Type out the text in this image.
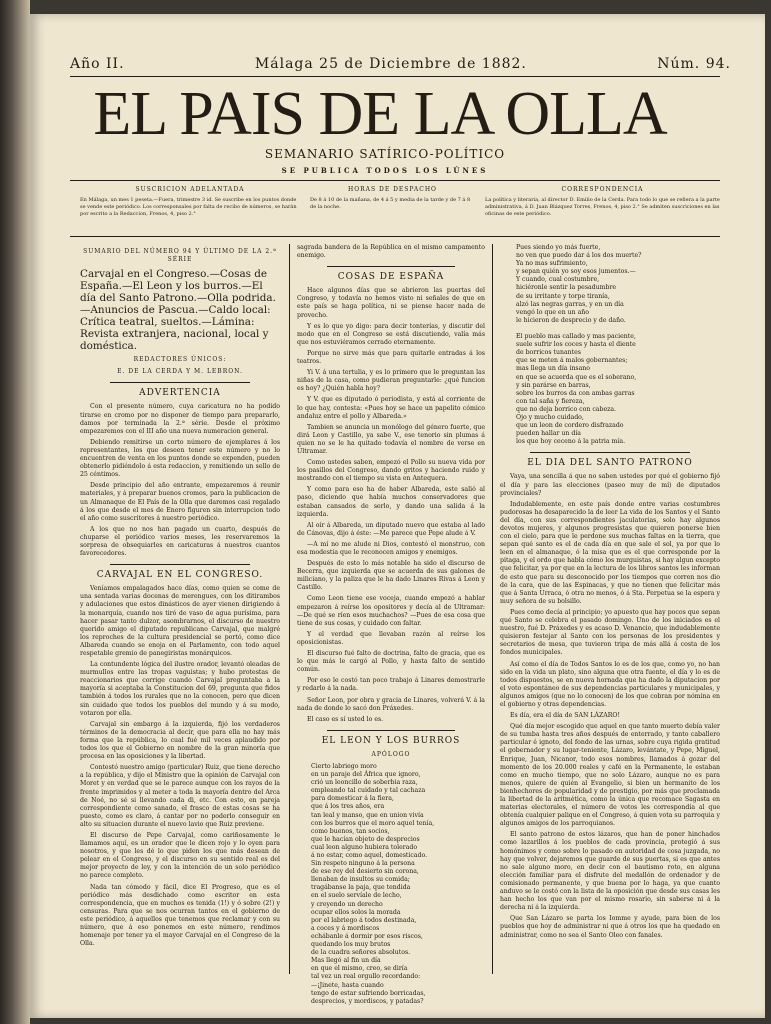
Año II.	Málaga 25 de Diciembre de 1882.	Núm. 94.
EL PAIS DE LA OLLA
SEMANARIO SATÍRICO-POLÍTICO
SE PUBLICA TODOS LOS LÚNES
SUSCRICION ADELANTADA
En Málaga, un mes 1 peseta.—Fuera, trimestre 3 id. Se suscribe en los puntos donde se vende este periódico. Los corresponsales por falta de recibo de números, se harán por escrito a la Redaccion, Frenos, 4, piso 2.°
HORAS DE DESPACHO
De 8 á 10 de la mañana, de 4 á 5 y media de la tarde y de 7 á 8 de la noche.
CORRESPONDENCIA
La política y literaria, al director D. Emilio de la Cerda. Para todo lo que se refiera a la parte administrativa, á D. Juan Blázquez Torres, Frenos, 4, piso 2.° Se admiten suscriciones en las oficinas de este periódico.
SUMARIO DEL NÚMERO 94 Y ÚLTIMO DE LA 2.ª SÉRIE

Carvajal en el Congreso.—Cosas de España.—El Leon y los burros.—El día del Santo Patrono.—Olla podrida.—Anuncios de Pascua.—Caldo local: Crítica teatral, sueltos.—Lámina: Revista extranjera, nacional, local y doméstica.

REDACTORES ÚNICOS:
E. DE LA CERDA Y M. LEBRON.
ADVERTENCIA

Con el presente número, cuya caricatura no ha podido tirarse en cromo por no disponer de tiempo para prepararlo, damos por terminada la 2.ª série. Desde el próximo empezaremos con el III año una nueva numeracion general.

Debiendo remitirse un corto número de ejemplares á los representantes, los que deseen tener este número y no lo encuentren de venta en los puntos donde se expenden, pueden obtenerlo pidiéndolo á esta redaccion, y remitiendo un sello de 25 céntimos.

Desde principio del año entrante, empezaremos á reunir materiales, y á preparar buenos cromos, para la publicacion de un Almanaque de El País de la Olla que daremos casi regalado á los que desde el mes de Enero figuren sin interrupcion todo el año como suscritores á nuestro periódico.

A los que no nos han pagado un cuarto, después de chuparse el periódico varios meses, les reservaremos la sorpresa de obsequiarles en caricaturas á nuestros cuantos favorecedores.

CARVAJAL EN EL CONGRESO.

Veníamos empalagados hace días, como quien se come de una sentada varias docenas de merengues, con los ditirambos y adulaciones que estos dinásticos de ayer vienen dirigiendo á la monarquía, cuando nos tiró de vaso de agua purísima, para hacer pasar tanto dulzor, asombrarnos, el discurso de nuestro querido amigo el diputado republicano Carvajal, que malgré los reproches de la cultura presidencial se portó, como dice Albareda cuando se enoja en el Parlamento, con todo aquel respetable gremio de panegiristas monárquicos.

La contundente lógica del ilustre orador, levantó oleadas de murmullos entre las tropas vaguistas; y hubo protestas de reaccionarios que corrige cuando Carvajal preguntaba a la mayoría si aceptaba la Constitucion del 69, pregunta que fidos también á todos los rurales que no la conocen, pero que dicen sin cuidado que todos los pueblos del mundo y á su modo, votaron por ella.

Carvajal sin embargo á la izquierda, fijó los verdaderos términos de la democracia al decir, que para ella no hay más forma que la república, lo cual fué mil veces aplaudido por todos los que el Gobierno en nombre de la gran minoría que procesa en las oposiciones y la libertad.

Contestó nuestro amigo (particular) Ruiz, que tiene derecho a la república, y dijo el Ministro que la opinión de Carvajal con Moret y en verdad que se le parece aunque con los rayos de la frente imprimidos y al meter a toda la mayoría dentro del Arca de Noé, no sé si llevando cada di, etc. Con esto, en pareja correspondiente como sanado, el frasco de estas cosas se ha puesto, como es claro, á cantar por no poderlo conseguir en alto su situacion durante el nuevo lavio que Ruiz previene.

El discurso de Pepe Carvajal, como cariñosamente le llamamos aquí, es un orador que le dicen rojo y lo oyen para nosotros, y que les dé lo que piden los que más desean de pelear en el Congreso, y el discurso en su sentido real es del mejor proyecto de ley, y con la intención de un solo periódico no parece completo.

Nada tan cómodo y fácil, dice El Progreso, que es el periódico más desdichado como escritor en esta correspondencia, que en muchos es tenida (1!) y ó sobre (2!) y censuras. Para que se nos ocurran tantos en el gobierno de este periódico, á aquellos que tenemos que reclamar y con su número, que á eso ponemos en este número, rendimos homenaje por tener ya el mayor Carvajal en el Congreso de la Olla.

sagrada bandera de la República en el mismo campamento enemigo.

COSAS DE ESPAÑA

Hace algunos días que se abrieron las puertas del Congreso, y todavía no hemos visto ni señales de que en este país se haga política, ni se piense hacer nada de provecho.

Y es lo que yo digo: para decir tonterías, y discutir del modo que en el Congreso se está discutiendo, valía más que nos estuviéramos cerrado eternamente.

Porque no sirve más que para quitarle entradas á los teatros.

Yi V. á una tertulia, y es lo primero que le preguntan las niñas de la casa, como pudieran preguntarle: ¿qué funcion es hoy? ¿Quién habla hoy?

Y V. que es diputado ó periodista, y está al corriente de lo que hay, contesta: «Pues hoy se hace un papelito cómico andaluz entre el pollo y Albareda.»

Tambien se anuncia un monólogo del género fuerte, que dirá Leon y Castillo, ya sabe V., ese tenorio sin plumas á quien no se le ha quitado todavía el nombre de verse en Ultramar.

Como ustedes saben, empezó el Pollo su nueva vida por los pasillos del Congreso, dando gritos y haciendo ruido y mostrando con el tiempo su vista en Antequera.

Y como para eso ha de haber Albareda, este salió al paso, diciendo que había muchos conservadores que estaban cansados de serlo, y dando una salida á la izquierda.

Al oír á Albareda, un diputado nuevo que estaba al lado de Cánovas, dijo á éste: —Me parece que Pepe alude á V.

—A mí no me alude ni Dios, contestó el monstruo, con esa modestia que le reconocen amigos y enemigos.

Después de esto lo más notable ha sido el discurso de Becerra, que izquierda que se acuerda de sus galones de miliciano, y la paliza que le ha dado Linares Rivas á Leon y Castillo.

Como Leon tiene ese voceja, cuando empezó a hablar empezaron á reírse los opositores y decía al de Ultramar: —De qué se ríen esos muchachos? —Pues de esa cosa que tiene de sus cosas, y cuidado con faltar.

Y el verdad que llevaban razón al reírse los oposicionistas.

El discurso fué falto de doctrina, falto de gracia, que es lo que más le cargó al Pollo, y hasta falto de sentido común.

Por eso le costó tan poco trabajo á Linares demostrarle y redarlo á la nada.

Señor Leon, por obra y gracia de Linares, volverá V. á la nada de donde lo sacó don Práxedes.

El caso es sí usted lo es.

EL LEON Y LOS BURROS
APÓLOGO

Cierto labriego moro
en un paraje del África que ignoro,
crió un leoncillo de soberbia raza,
empleando tal cuidado y tal cachaza
para domesticar á la fiera,
que á los tres años, era
tan leal y manso, que en union vivía
con los burros que el moro aquel tenía,
como buenos, tan socios,
que le hacían objeto de desprecios
cual leon alguno hubiera tolerado
á no estar, como aquel, domesticado.
Sin respeto ninguno á la persona
de ese rey del desierto sin corona,
llenaban de insultos su comida;
tragábanse la paja, que tendida
en el suelo servíale de lecho,
y creyendo un derecho
ocupar ellos solos la morada
por el labriego á todos destinada,
a coces y á mordiscos
echábanle á dormir por esos riscos,
quedando los muy brutos
de la cuadra señores absolutos.
Mas llegó al fin un día
en que el mismo, creo, se diría
tal vez un real orgullo recordando:
—¡Jinete, hasta cuando
tengo de estar sufriendo borricadas,
desprecios, y mordiscos, y patadas?

Pues siendo yo más fuerte,
no ven que puedo dar á los dos muerte?
Ya no mas sufrimiento,
y sepan quién yo soy esos jumentos.—
Y cuando, cual costumbre,
hiciéronle sentir la pesadumbre
de su irritante y torpe tiranía,
alzó las negras garras, y en un día
vengó lo que en un año
le hicieron de desprecio y de daño.

El pueblo mas callado y mas paciente,
suele sufrir los coces y hasta el diente
de borricos tunantes
que se meten á malos gobernantes;
mas llega un día insano
en que se acuerda que es el soberano,
y sin parárse en barras,
sobre los burros da con ambas garras
con tal saña y fiereza,
que no deja borrico con cabeza.
Ojo y mucho cuidado,
que un leon de cordero disfrazado
pueden hallar un día
los que hoy ceceno á la patria mía.

EL DIA DEL SANTO PATRONO

Vaya, una sencilla á que no saben ustedes por qué el gobierno fijó el día y para las elecciones (paseo muy de mí) de diputados provinciales?

Indudablemente, en este país donde entre varias costumbres pudorosas ha desaparecido la de leer La vida de los Santos y el Santo del día, con sus correspondientes jaculatorias, solo hay algunos devotos mujeres, y algunos progresistas que quieren ponerse bien con el cielo, para que le perdone sus muchas faltas en la tierra, que sepan qué santo es el de cada día en que sale el sol, ya por que lo leen en el almanaque, ó la misa que es el que corresponde por la pitaga, y el ordo que habla cómo los murguistas, si hay algun excepto que felicitar, ya por que en la lectura de los libros santos les informan de esto que para su desconocido por los tiempos que corren nos dio de la cara, que de las Espinacas, y que no tienen que felicitar más que á Santa Urraca, ó otra no menos, ó á Sta. Perpetua se la espera y muy señora de su bolsillo.

Pues como decía al principio; yo apuesto que hay pocos que sepan qué Santo se celebra el pasado domingo. Uno de los iniciados es el nuestro, fué D. Práxedes y es acaso D. Venancio, que indudablemente quisieron festejar al Santo con los personas de los presidentes y secretarios de mesa, que tuvieron tripa de más allá á costa de los fondos municipales.

Así como el día de Todos Santos lo es de los que, como yo, no han sido en la vida un plato, sino alguna que otra fuente, el día y lo es de todos dispuestos, se en nueva hornada que ha dado la diputacion por el voto espontáneo de sus dependencias particulares y municipales, y algunos amigos (que no lo conocen) de los que cobran por nómina en el gobierno y otras dependencias.

Es día, era el día de SAN LÁZARO!

Qué día mejor escogido que aquel en que tanto muerto debía valer de su tumba hasta tres años después de enterrado, y tanto caballero particular é ignoto, del fondo de las urnas, sobre cuya rigida gratitud el gobernador y su lugar-teniente, Lázaro, levántate, y Pepe, Miguel, Enrique, Juan, Nicanor, todo esos nombres, llamados á gozar del momento de los 20.000 reales y café en la Permanente, le estaban como en mucho tiempo, que no solo Lázaro, aunque no es para menos, quiere de quién al Evangelio, si bien un hermanito de los bienhechores de popularidad y de prestigio, por más que proclamada la libertad de la aritmética, como la única que recomace Sagasta en materias electorales, el número de votos les correspondía al que obtenía cualquier palique en el Congreso, á quien vota su parroquia y algunos amigos de los parroquianos.

El santo patrono de estos lázaros, que han de poner hinchados como lazarillos á los pueblos de cada provincia, protegió á sus homónimos y como sobre lo pasado en autoridad de cosa juzgada, no hay que volver, dejaremos que guarde de sus puertas, si es que antes no sale alguno moro, en decir con el bautismo roto, en alguna elección familiar para el disfrute del medallón de ordenador y de comisionado permanente, y que buena por lo haga, ya que cuanto anduvo se le costó con la lista de la oposición que desde sus casas les han hecho los que van por el mismo rosario, sin saberse ni á la derecha ni á la izquierda.

Que San Lázaro se parta los Iomme y ayude, para bien de los pueblos que hoy de administrar ni que á otros los que ha quedado en administrar, como no sea el Santo Oleo con fanales.
